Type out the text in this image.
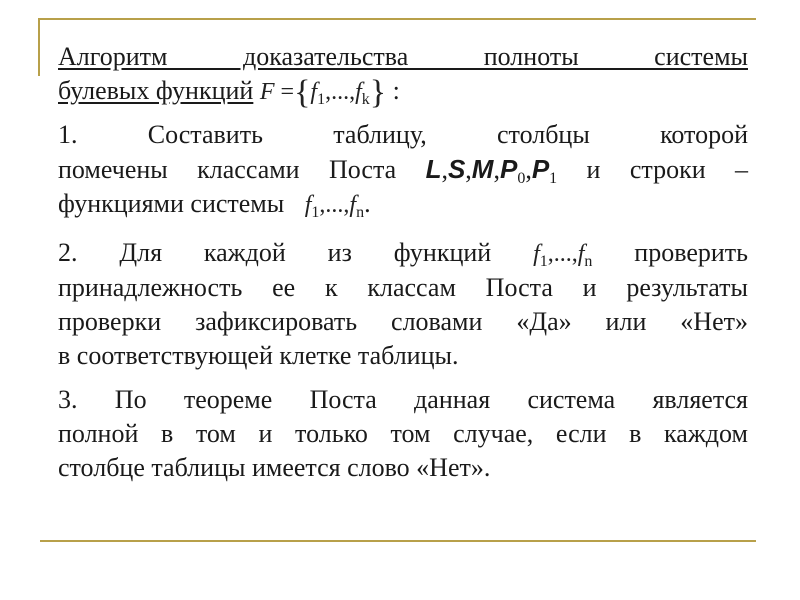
Алгоритм доказательства полноты системы

булевых функций $F =\{f_1,...,f_k\}$ :

1. Составить таблицу, столбцы которой

помечены классами Поста $L,S,M,P_0,P_1$ и строки –

функциями системы $f_1,...,f_n$.

2. Для каждой из функций $f_1,...,f_n$ проверить

принадлежность ее к классам Поста и результаты

проверки зафиксировать словами «Да» или «Нет»

в соответствующей клетке таблицы.

3. По теореме Поста данная система является

полной в том и только том случае, если в каждом

столбце таблицы имеется слово «Нет».
